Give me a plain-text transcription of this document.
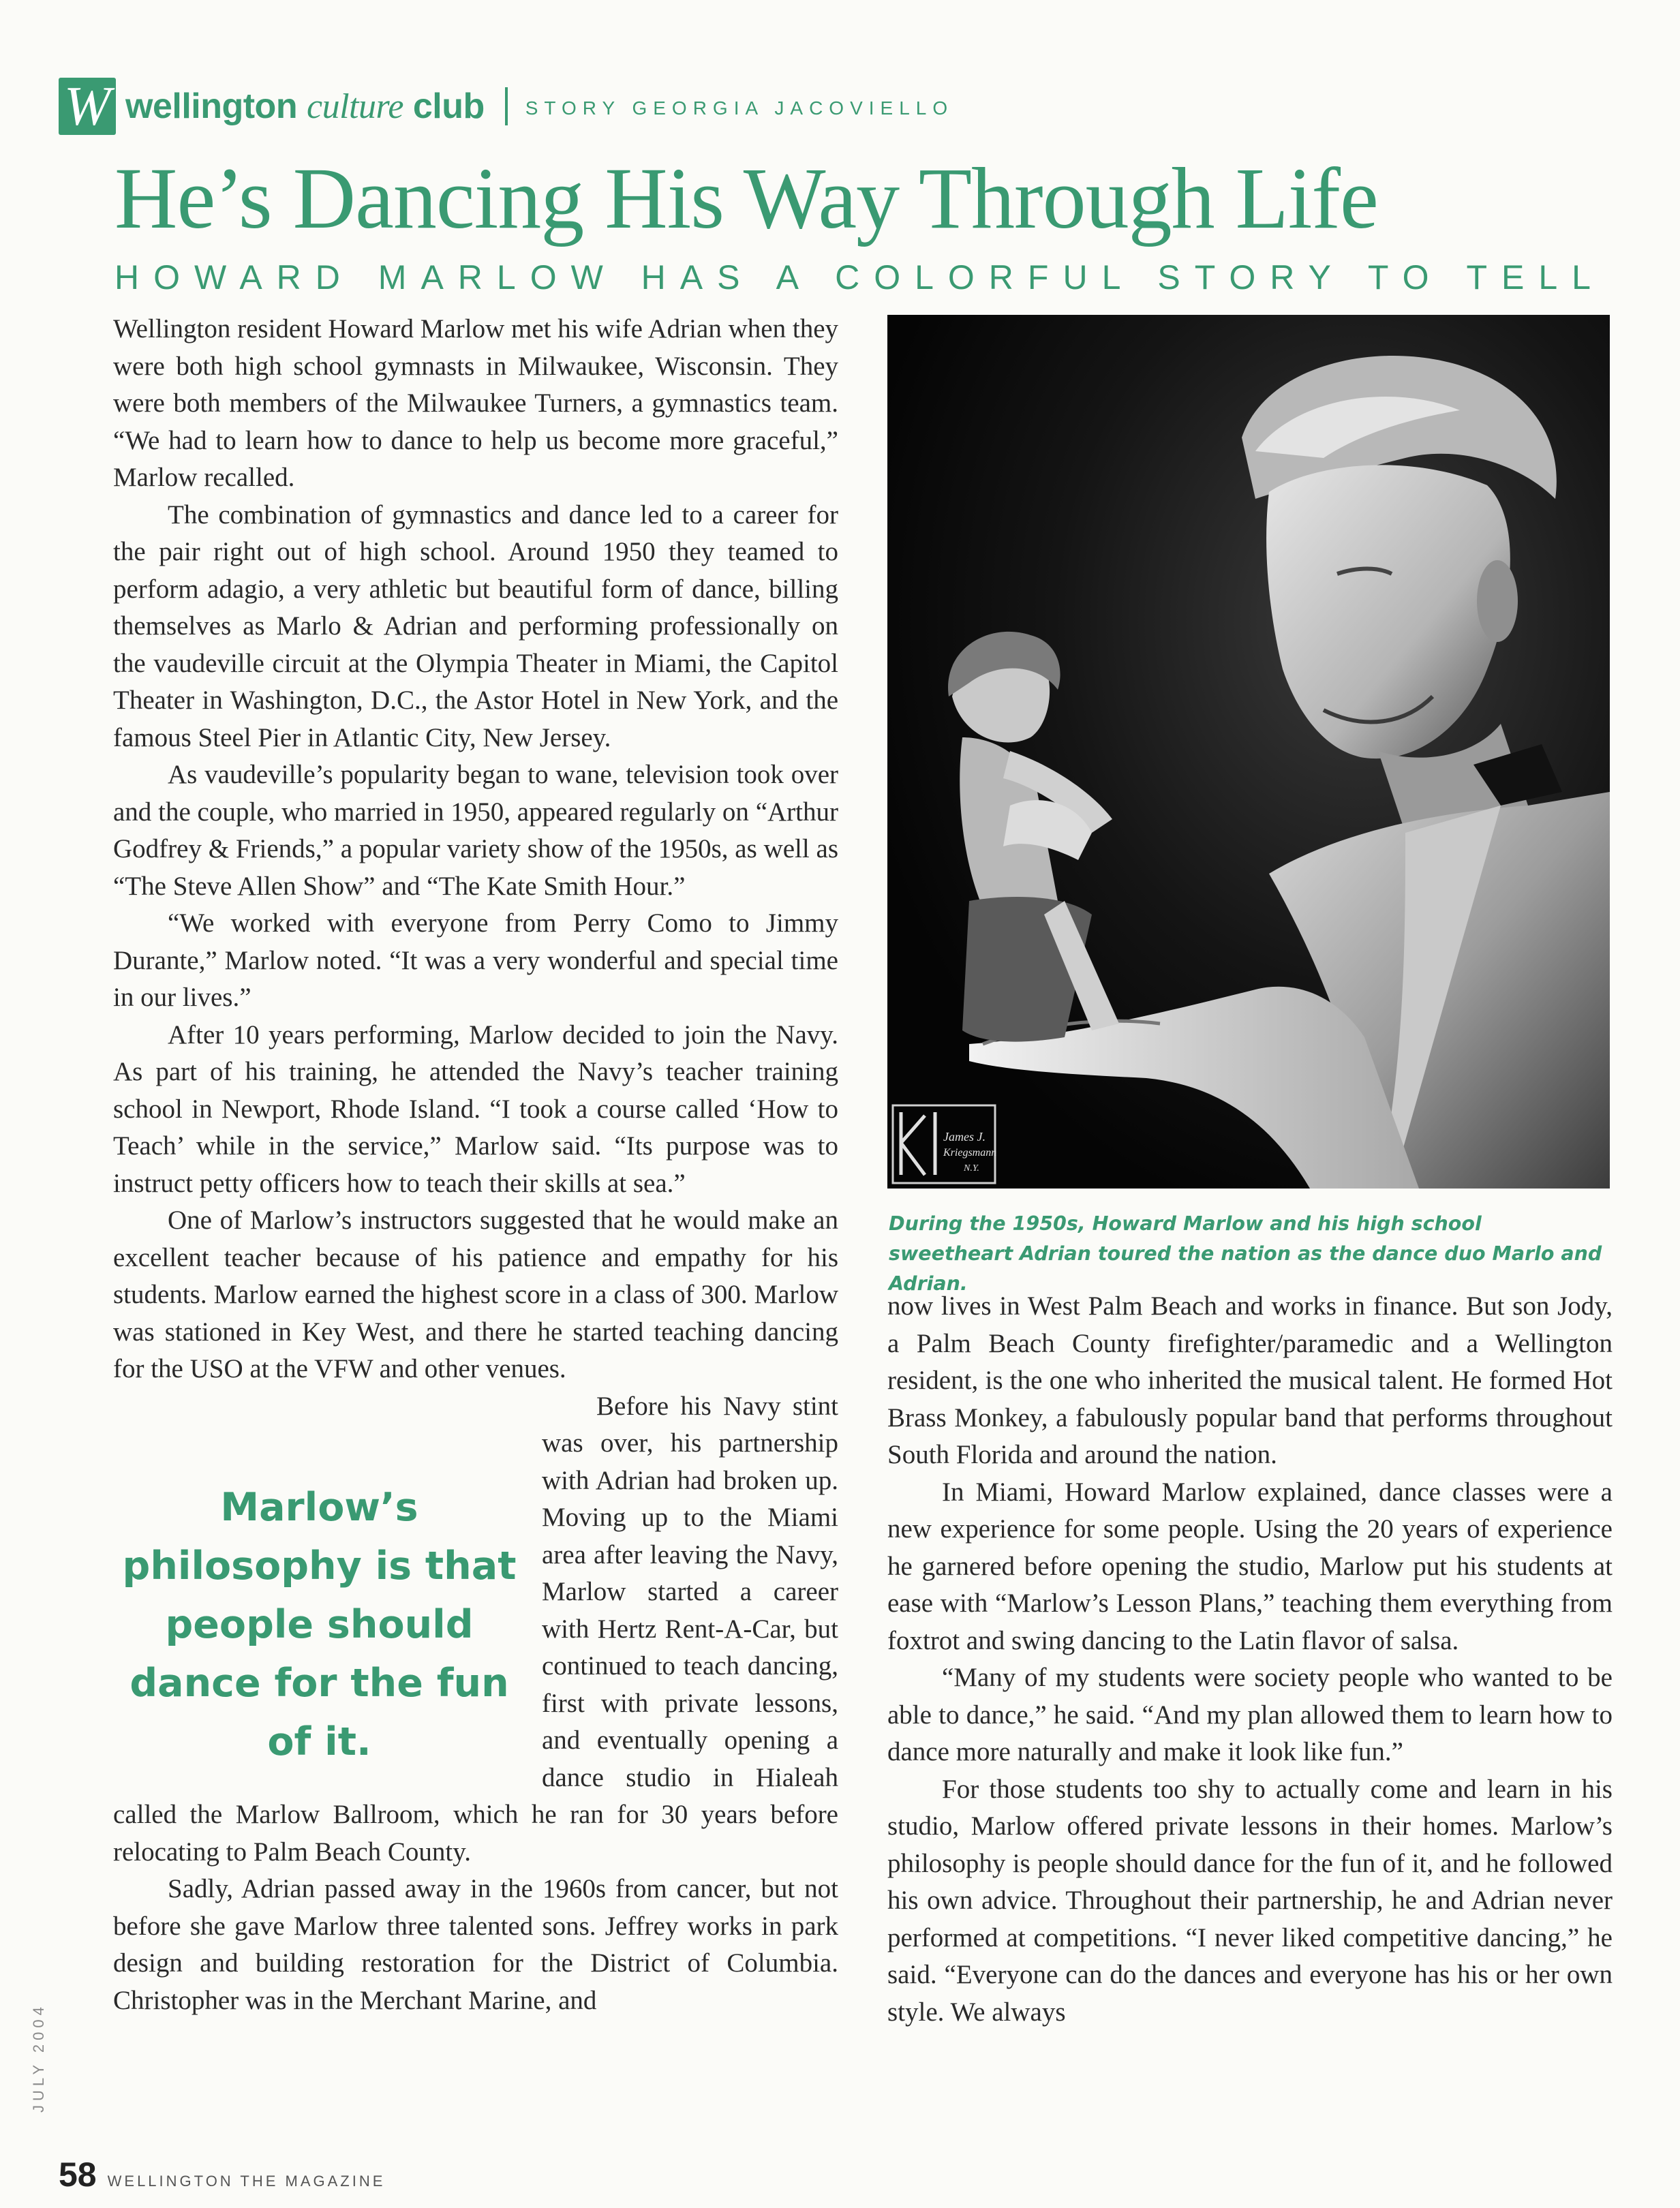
W wellington culture club STORY GEORGIA JACOVIELLO
He’s Dancing His Way Through Life
HOWARD MARLOW HAS A COLORFUL STORY TO TELL

Wellington resident Howard Marlow met his wife Adrian when they were both high school gymnasts in Milwaukee, Wisconsin. They were both members of the Milwaukee Turners, a gymnastics team. “We had to learn how to dance to help us become more graceful,” Marlow recalled.

The combination of gymnastics and dance led to a career for the pair right out of high school. Around 1950 they teamed to perform adagio, a very athletic but beautiful form of dance, billing themselves as Marlo & Adrian and performing professionally on the vaudeville circuit at the Olympia Theater in Miami, the Capitol Theater in Washington, D.C., the Astor Hotel in New York, and the famous Steel Pier in Atlantic City, New Jersey.

As vaudeville’s popularity began to wane, television took over and the couple, who married in 1950, appeared regularly on “Arthur Godfrey & Friends,” a popular variety show of the 1950s, as well as “The Steve Allen Show” and “The Kate Smith Hour.”

“We worked with everyone from Perry Como to Jimmy Durante,” Marlow noted. “It was a very wonderful and special time in our lives.”

After 10 years performing, Marlow decided to join the Navy. As part of his training, he attended the Navy’s teacher training school in Newport, Rhode Island. “I took a course called ‘How to Teach’ while in the service,” Marlow said. “Its purpose was to instruct petty officers how to teach their skills at sea.”

One of Marlow’s instructors suggested that he would make an excellent teacher because of his patience and empathy for his students. Marlow earned the highest score in a class of 300. Marlow was stationed in Key West, and there he started teaching dancing for the USO at the VFW and other venues.

Marlow’s philosophy is that people should dance for the fun of it.

Before his Navy stint was over, his partnership with Adrian had broken up. Moving up to the Miami area after leaving the Navy, Marlow started a career with Hertz Rent-A-Car, but continued to teach dancing, first with private lessons, and eventually opening a dance studio in Hialeah called the Marlow Ballroom, which he ran for 30 years before relocating to Palm Beach County.

Sadly, Adrian passed away in the 1960s from cancer, but not before she gave Marlow three talented sons. Jeffrey works in park design and building restoration for the District of Columbia. Christopher was in the Merchant Marine, and

James J.
Kriegsmann
N.Y.
During the 1950s, Howard Marlow and his high school sweetheart Adrian toured the nation as the dance duo Marlo and Adrian.

now lives in West Palm Beach and works in finance. But son Jody, a Palm Beach County firefighter/paramedic and a Wellington resident, is the one who inherited the musical talent. He formed Hot Brass Monkey, a fabulously popular band that performs throughout South Florida and around the nation.

In Miami, Howard Marlow explained, dance classes were a new experience for some people. Using the 20 years of experience he garnered before opening the studio, Marlow put his students at ease with “Marlow’s Lesson Plans,” teaching them everything from foxtrot and swing dancing to the Latin flavor of salsa.

“Many of my students were society people who wanted to be able to dance,” he said. “And my plan allowed them to learn how to dance more naturally and make it look like fun.”

For those students too shy to actually come and learn in his studio, Marlow offered private lessons in their homes. Marlow’s philosophy is people should dance for the fun of it, and he followed his own advice. Throughout their partnership, he and Adrian never performed at competitions. “I never liked competitive dancing,” he said. “Everyone can do the dances and everyone has his or her own style. We always

JULY 2004
58 WELLINGTON THE MAGAZINE
